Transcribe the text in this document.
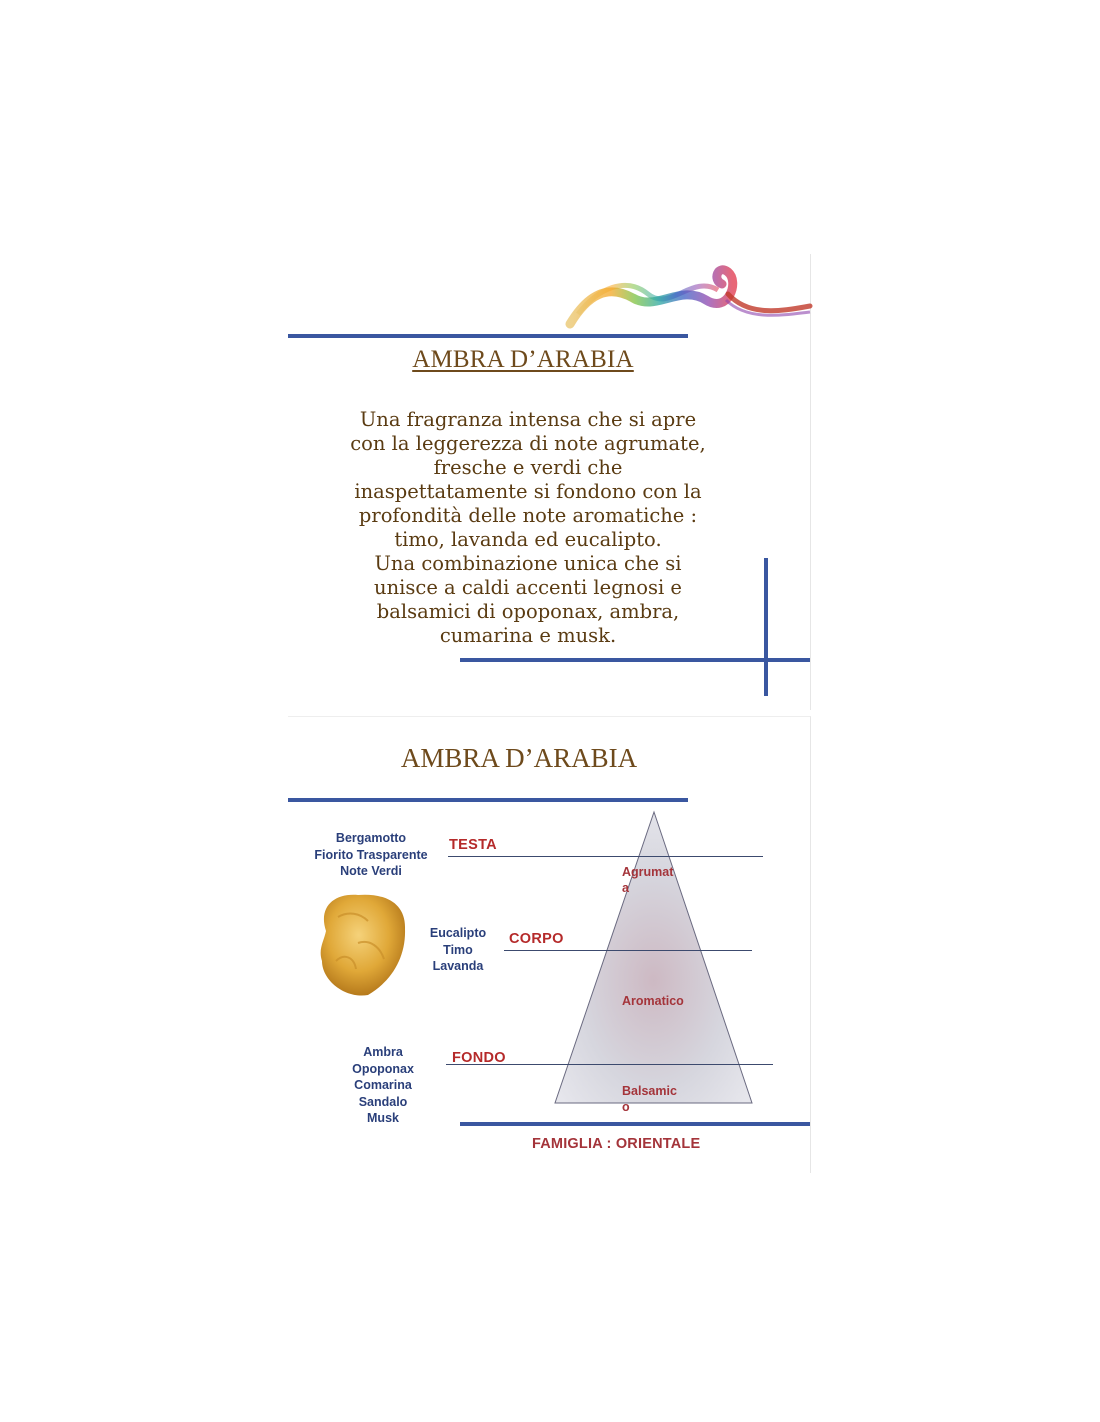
AMBRA D’ARABIA
Una fragranza intensa che si apre
con la leggerezza di note agrumate,
fresche e verdi che
inaspettatamente si fondono con la
profondità delle note aromatiche :
timo, lavanda ed eucalipto.
Una combinazione unica che si
unisce a caldi accenti legnosi e
balsamici di opoponax, ambra,
cumarina e musk.
AMBRA D’ARABIA
Bergamotto
Fiorito Trasparente
Note Verdi
TESTA
Eucalipto
Timo
Lavanda
CORPO
Ambra
Opoponax
Comarina
Sandalo
Musk
FONDO
Agrumat
a
Aromatico
Balsamic
o
FAMIGLIA : ORIENTALE
